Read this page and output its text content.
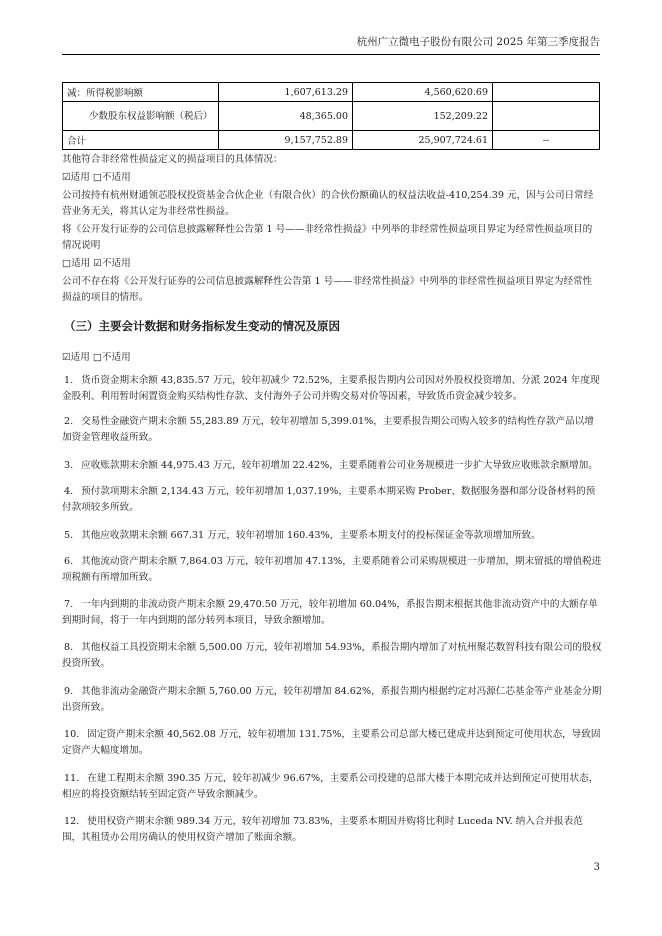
杭州广立微电子股份有限公司 2025 年第三季度报告
减：所得税影响额	1,607,613.29	4,560,620.69	
少数股东权益影响额（税后）	48,365.00	152,209.22	
合计	9,157,752.89	25,907,724.61	--

其他符合非经常性损益定义的损益项目的具体情况：

☑适用 □不适用

公司按持有杭州财通领芯股权投资基金合伙企业（有限合伙）的合伙份额确认的权益法收益-410,254.39 元，因与公司日常经营业务无关，将其认定为非经常性损益。

将《公开发行证券的公司信息披露解释性公告第 1 号——非经常性损益》中列举的非经常性损益项目界定为经常性损益项目的情况说明

□适用 ☑不适用

公司不存在将《公开发行证券的公司信息披露解释性公告第 1 号——非经常性损益》中列举的非经常性损益项目界定为经常性损益的项目的情形。

（三）主要会计数据和财务指标发生变动的情况及原因

☑适用 □不适用

1. 货币资金期末余额 43,835.57 万元，较年初减少 72.52%，主要系报告期内公司因对外股权投资增加、分派 2024 年度现金股利、利用暂时闲置资金购买结构性存款、支付海外子公司并购交易对价等因素，导致货币资金减少较多。

2. 交易性金融资产期末余额 55,283.89 万元，较年初增加 5,399.01%，主要系报告期公司购入较多的结构性存款产品以增加资金管理收益所致。

3. 应收账款期末余额 44,975.43 万元，较年初增加 22.42%，主要系随着公司业务规模进一步扩大导致应收账款余额增加。

4. 预付款项期末余额 2,134.43 万元，较年初增加 1,037.19%，主要系本期采购 Prober、数据服务器和部分设备材料的预付款项较多所致。

5. 其他应收款期末余额 667.31 万元，较年初增加 160.43%，主要系本期支付的投标保证金等款项增加所致。

6. 其他流动资产期末余额 7,864.03 万元，较年初增加 47.13%，主要系随着公司采购规模进一步增加，期末留抵的增值税进项税额有所增加所致。

7. 一年内到期的非流动资产期末余额 29,470.50 万元，较年初增加 60.04%，系报告期末根据其他非流动资产中的大额存单到期时间，将于一年内到期的部分转列本项目，导致余额增加。

8. 其他权益工具投资期末余额 5,500.00 万元，较年初增加 54.93%，系报告期内增加了对杭州聚芯数智科技有限公司的股权投资所致。

9. 其他非流动金融资产期末余额 5,760.00 万元，较年初增加 84.62%，系报告期内根据约定对冯源仁芯基金等产业基金分期出资所致。

10. 固定资产期末余额 40,562.08 万元，较年初增加 131.75%，主要系公司总部大楼已建成并达到预定可使用状态，导致固定资产大幅度增加。

11. 在建工程期末余额 390.35 万元，较年初减少 96.67%，主要系公司投建的总部大楼于本期完成并达到预定可使用状态，相应的将投资额结转至固定资产导致余额减少。

12. 使用权资产期末余额 989.34 万元，较年初增加 73.83%，主要系本期因并购将比利时 Luceda NV. 纳入合并报表范围，其租赁办公用房确认的使用权资产增加了账面余额。

3
